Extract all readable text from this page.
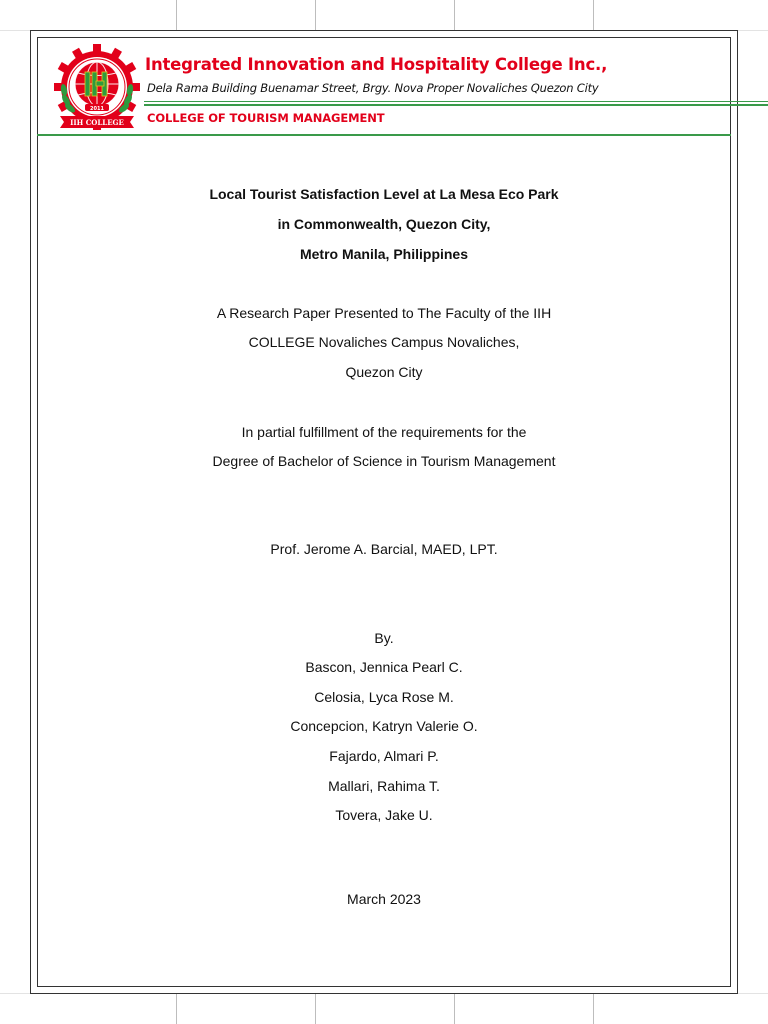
2011
IIH COLLEGE
Integrated Innovation and Hospitality College Inc.,
Dela Rama Building Buenamar Street, Brgy. Nova Proper Novaliches Quezon City
COLLEGE OF TOURISM MANAGEMENT
Local Tourist Satisfaction Level at La Mesa Eco Park
in Commonwealth, Quezon City,
Metro Manila, Philippines
A Research Paper Presented to The Faculty of the IIH
COLLEGE Novaliches Campus Novaliches,
Quezon City
In partial fulfillment of the requirements for the
Degree of Bachelor of Science in Tourism Management
Prof. Jerome A. Barcial, MAED, LPT.
By.
Bascon, Jennica Pearl C.
Celosia, Lyca Rose M.
Concepcion, Katryn Valerie O.
Fajardo, Almari P.
Mallari, Rahima T.
Tovera, Jake U.
March 2023
